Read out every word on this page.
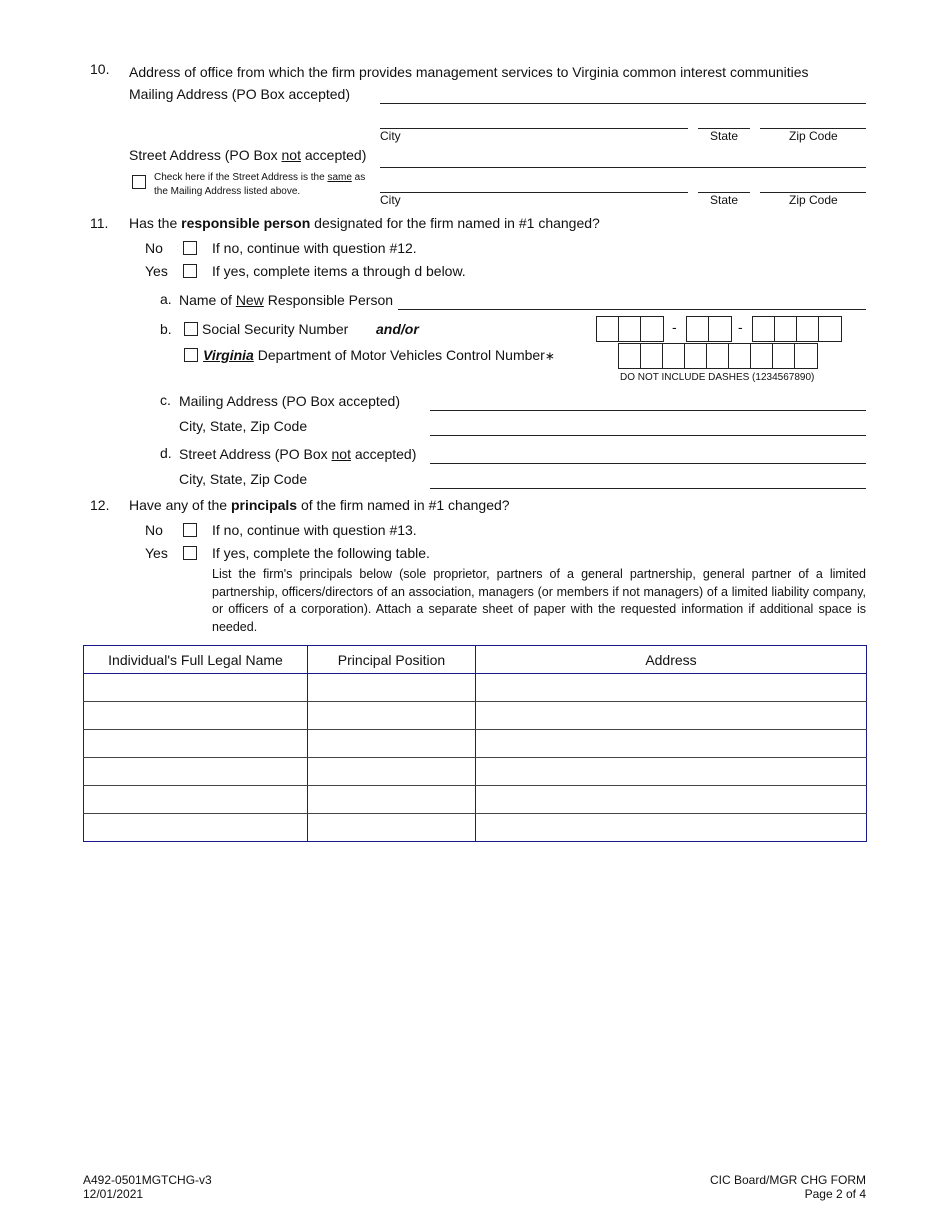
10. Address of office from which the firm provides management services to Virginia common interest communities
Mailing Address (PO Box accepted)
City	State	Zip Code
Street Address (PO Box not accepted)
Check here if the Street Address is the same as
the Mailing Address listed above.
City	State	Zip Code
11. Has the responsible person designated for the firm named in #1 changed?
No	If no, continue with question #12.
Yes	If yes, complete items a through d below.
a. Name of New Responsible Person
b. Social Security Number and/or	-	-
Virginia Department of Motor Vehicles Control Number∗
DO NOT INCLUDE DASHES (1234567890)
c. Mailing Address (PO Box accepted)
City, State, Zip Code
d. Street Address (PO Box not accepted)
City, State, Zip Code
12. Have any of the principals of the firm named in #1 changed?
No	If no, continue with question #13.
Yes	If yes, complete the following table.
List the firm's principals below (sole proprietor, partners of a general partnership, general partner of a limited partnership, officers/directors of an association, managers (or members if not managers) of a limited liability company, or officers of a corporation). Attach a separate sheet of paper with the requested information if additional space is needed.
Individual's Full Legal Name	Principal Position	Address

A492-0501MGTCHG-v3
12/01/2021
CIC Board/MGR CHG FORM
Page 2 of 4
